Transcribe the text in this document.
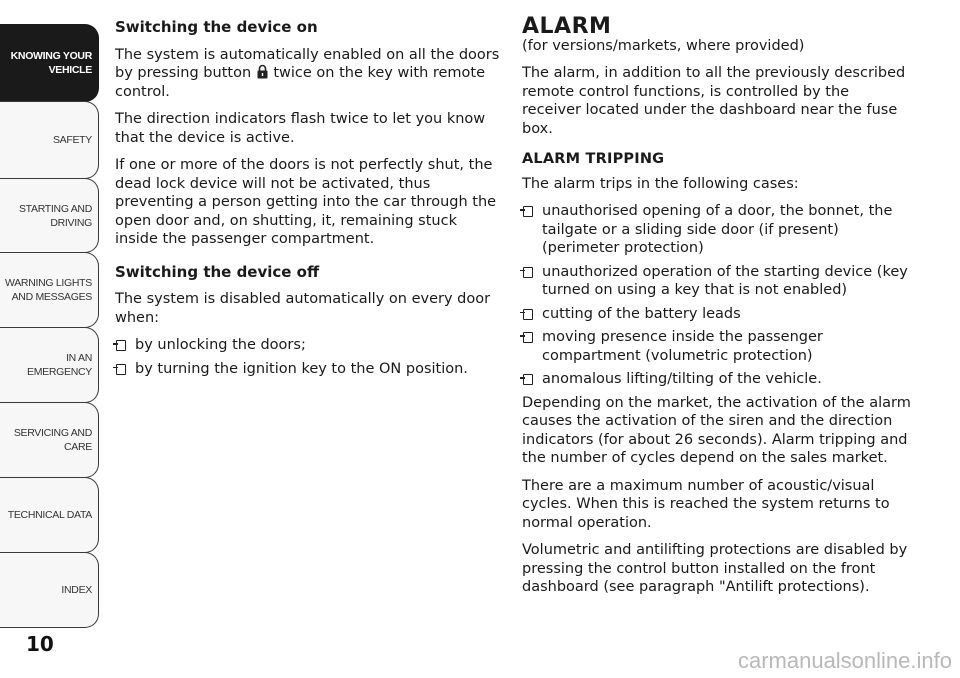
KNOWING YOUR
VEHICLE
SAFETY
STARTING AND
DRIVING
WARNING LIGHTS
AND MESSAGES
IN AN EMERGENCY
SERVICING AND
CARE
TECHNICAL DATA
INDEX
10
Switching the device on

The system is automatically enabled on all the doors by pressing button twice on the key with remote control.

The direction indicators flash twice to let you know that the device is active.

If one or more of the doors is not perfectly shut, the dead lock device will not be activated, thus preventing a person getting into the car through the open door and, on shutting, it, remaining stuck inside the passenger compartment.

Switching the device off

The system is disabled automatically on every door when:

by unlocking the doors;
by turning the ignition key to the ON position.
ALARM

(for versions/markets, where provided)

The alarm, in addition to all the previously described remote control functions, is controlled by the receiver located under the dashboard near the fuse box.

ALARM TRIPPING

The alarm trips in the following cases:

unauthorised opening of a door, the bonnet, the tailgate or a sliding side door (if present) (perimeter protection)
unauthorized operation of the starting device (key turned on using a key that is not enabled)
cutting of the battery leads
moving presence inside the passenger compartment (volumetric protection)
anomalous lifting/tilting of the vehicle.

Depending on the market, the activation of the alarm causes the activation of the siren and the direction indicators (for about 26 seconds). Alarm tripping and the number of cycles depend on the sales market.

There are a maximum number of acoustic/visual cycles. When this is reached the system returns to normal operation.

Volumetric and antilifting protections are disabled by pressing the control button installed on the front dashboard (see paragraph "Antilift protections).

carmanualsonline.info
